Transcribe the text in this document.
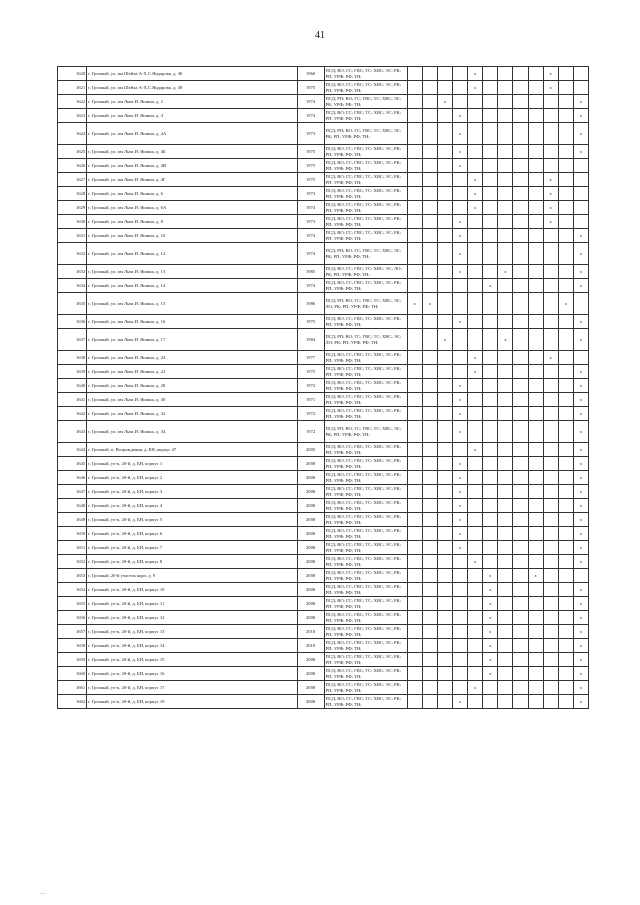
41
1620	г. Грозный, ул. им Шейха А-Х.С.Яндарова, д. 36	1960	ПСД; ВО; ГС; ГВС; ТС; ХВС; ЭС; РК; РП; УРФ; РФ; ТН;					x					x		
1621	г. Грозный, ул. им Шейха А-Х.С.Яндарова, д. 38	1975	ПСД; ВО; ГС; ГВС; ТС; ХВС; ЭС; РК; РП; УРФ; РФ; ТН;					x					x		
1622	г. Грозный, ул. им Льва И. Яшина, д. 2	1974	ПСД; РП; ВО; ГС; ГВС; ТС; ХВС; ЭС; РК; УРФ; РФ; ТН;			x									x
1623	г. Грозный, ул. им Льва И. Яшина, д. 4	1974	ПСД; ВО; ГС; ГВС; ТС; ХВС; ЭС; РК; РП; УРФ; РФ; ТН;				x								x
1624	г. Грозный, ул. им Льва И. Яшина, д. 4А	1973	ПСД; РП; ВО; ГС; ГВС; ТС; ХВС; ЭС; РК; РП; УРФ; РФ; ТН;				x								x
1625	г. Грозный, ул. им Льва И. Яшина, д. 4Б	1975	ПСД; ВО; ГС; ГВС; ТС; ХВС; ЭС; РК; РП; УРФ; РФ; ТН;				x								x
1626	г. Грозный, ул. им Льва И. Яшина, д. 4В	1975	ПСД; ВО; ГС; ГВС; ТС; ХВС; ЭС; РК; РП; УРФ; РФ; ТН;				x								
1627	г. Грозный, ул. им Льва И. Яшина, д. 4Г	1975	ПСД; ВО; ГС; ГВС; ТС; ХВС; ЭС; РК; РП; УРФ; РФ; ТН;					x					x		
1628	г. Грозный, ул. им Льва И. Яшина, д. 6	1973	ПСД; ВО; ГС; ГВС; ТС; ХВС; ЭС; РК; РП; УРФ; РФ; ТН;					x					x		
1629	г. Грозный, ул. им Льва И. Яшина, д. 6А	1974	ПСД; ВО; ГС; ГВС; ТС; ХВС; ЭС; РК; РП; УРФ; РФ; ТН;					x					x		
1630	г. Грозный, ул. им Льва И. Яшина, д. 8	1973	ПСД; ВО; ГС; ГВС; ТС; ХВС; ЭС; РК; РП; УРФ; РФ; ТН;				x						x		
1631	г. Грозный, ул. им Льва И. Яшина, д. 10	1974	ПСД; ВО; ГС; ГВС; ТС; ХВС; ЭС; РК; РП; УРФ; РФ; ТН;				x								x
1632	г. Грозный, ул. им Льва И. Яшина, д. 12	1974	ПСД; РП; ВО; ГС; ГВС; ТС; ХВС; ЭС; РК; РП; УРФ; РФ; ТН;				x								x
1633	г. Грозный, ул. им Льва И. Яшина, д. 13	1985	ПСД; ВО; ГС; ГВС; ТС; ХВС; ЭС; ЛО; РК; РП; УРФ; РФ; ТН;				x			x					x
1634	г. Грозный, ул. им Льва И. Яшина, д. 14	1974	ПСД; ВО; ГС; ГВС; ТС; ХВС; ЭС; РК; РП; УРФ; РФ; ТН;						x						x
1635	г. Грозный, ул. им Льва И. Яшина, д. 15	1986	ПСД; РП; ВО; ГС; ГВС; ТС; ХВС; ЭС; ЛО; РК; РП; УРФ; РФ; ТН;	x	x									x	
1636	г. Грозный, ул. им Льва И. Яшина, д. 16	1975	ПСД; ВО; ГС; ГВС; ТС; ХВС; ЭС; РК; РП; УРФ; РФ; ТН;				x								x
1637	г. Грозный, ул. им Льва И. Яшина, д. 17	1984	ПСД; РП; ВО; ГС; ГВС; ТС; ХВС; ЭС; ЛО; РК; РП; УРФ; РФ; ТН;			x				x					x
1638	г. Грозный, ул. им Льва И. Яшина, д. 24	1977	ПСД; ВО; ГС; ГВС; ТС; ХВС; ЭС; РК; РП; УРФ; РФ; ТН;					x					x		
1639	г. Грозный, ул. им Льва И. Яшина, д. 22	1975	ПСД; ВО; ГС; ГВС; ТС; ХВС; ЭС; РК; РП; УРФ; РФ; ТН;					x							x
1640	г. Грозный, ул. им Льва И. Яшина, д. 28	1972	ПСД; ВО; ГС; ГВС; ТС; ХВС; ЭС; РК; РП; УРФ; РФ; ТН;				x								x
1641	г. Грозный, ул. им Льва И. Яшина, д. 30	1971	ПСД; ВО; ГС; ГВС; ТС; ХВС; ЭС; РК; РП; УРФ; РФ; ТН;				x								x
1642	г. Грозный, ул. им Льва И. Яшина, д. 32	1972	ПСД; ВО; ГС; ГВС; ТС; ХВС; ЭС; РК; РП; УРФ; РФ; ТН;				x								x
1643	г. Грозный, ул. им Льва И. Яшина, д. 34	1972	ПСД; РП; ВО; ГС; ГВС; ТС; ХВС; ЭС; РК; РП; УРФ; РФ; ТН;				x								x
1644	г. Грозный, п. Возрождения, д. БН, корпус 47	2005	ПСД; ВО; ГС; ГВС; ТС; ХВС; ЭС; РК; РП; УРФ; РФ; ТН;					x							x
1645	г. Грозный, уч-к. 20-й, д. БН, корпус 1	2008	ПСД; ВО; ГС; ГВС; ТС; ХВС; ЭС; РК; РП; УРФ; РФ; ТН;				x								x
1646	г. Грозный, уч-к. 20-й, д. БН, корпус 2	2008	ПСД; ВО; ГС; ГВС; ТС; ХВС; ЭС; РК; РП; УРФ; РФ; ТН;				x								x
1647	г. Грозный, уч-к. 20-й, д. БН, корпус 3	2008	ПСД; ВО; ГС; ГВС; ТС; ХВС; ЭС; РК; РП; УРФ; РФ; ТН;				x								x
1648	г. Грозный, уч-к. 20-й, д. БН, корпус 4	2008	ПСД; ВО; ГС; ГВС; ТС; ХВС; ЭС; РК; РП; УРФ; РФ; ТН;				x								x
1649	г. Грозный, уч-к. 20-й, д. БН, корпус 5	2008	ПСД; ВО; ГС; ГВС; ТС; ХВС; ЭС; РК; РП; УРФ; РФ; ТН;				x								x
1650	г. Грозный, уч-к. 20-й, д. БН, корпус 6	2008	ПСД; ВО; ГС; ГВС; ТС; ХВС; ЭС; РК; РП; УРФ; РФ; ТН;				x								x
1651	г. Грозный, уч-к. 20-й, д. БН, корпус 7	2008	ПСД; ВО; ГС; ГВС; ТС; ХВС; ЭС; РК; РП; УРФ; РФ; ТН;				x								x
1652	г. Грозный, уч-к. 20-й, д. БН, корпус 8	2008	ПСД; ВО; ГС; ГВС; ТС; ХВС; ЭС; РК; РП; УРФ; РФ; ТН;					x							x
1653	г. Грозный, 20-й участок корп. д. 9	2008	ПСД; ВО; ГС; ГВС; ТС; ХВС; ЭС; РК; РП; УРФ; РФ; ТН;						x			x			
1654	г. Грозный, уч-к. 20-й, д. БН, корпус 10	2008	ПСД; ВО; ГС; ГВС; ТС; ХВС; ЭС; РК; РП; УРФ; РФ; ТН;						x						x
1655	г. Грозный, уч-к. 20-й, д. БН, корпус 11	2008	ПСД; ВО; ГС; ГВС; ТС; ХВС; ЭС; РК; РП; УРФ; РФ; ТН;						x						x
1656	г. Грозный, уч-к. 20-й, д. БН, корпус 12	2008	ПСД; ВО; ГС; ГВС; ТС; ХВС; ЭС; РК; РП; УРФ; РФ; ТН;						x						x
1657	г. Грозный, уч-к. 20-й, д. БН, корпус 13	2010	ПСД; ВО; ГС; ГВС; ТС; ХВС; ЭС; РК; РП; УРФ; РФ; ТН;						x						x
1658	г. Грозный, уч-к. 20-й, д. БН, корпус 14	2010	ПСД; ВО; ГС; ГВС; ТС; ХВС; ЭС; РК; РП; УРФ; РФ; ТН;						x						x
1659	г. Грозный, уч-к. 20-й, д. БН, корпус 15	2008	ПСД; ВО; ГС; ГВС; ТС; ХВС; ЭС; РК; РП; УРФ; РФ; ТН;						x						x
1660	г. Грозный, уч-к. 20-й, д. БН, корпус 16	2008	ПСД; ВО; ГС; ГВС; ТС; ХВС; ЭС; РК; РП; УРФ; РФ; ТН;						x						x
1661	г. Грозный, уч-к. 20-й, д. БН, корпус 17	2008	ПСД; ВО; ГС; ГВС; ТС; ХВС; ЭС; РК; РП; УРФ; РФ; ТН;					x							x
1662	г. Грозный, уч-к. 20-й, д. БН, корпус 19	2008	ПСД; ВО; ГС; ГВС; ТС; ХВС; ЭС; РК; РП; УРФ; РФ; ТН;				x								x
___
